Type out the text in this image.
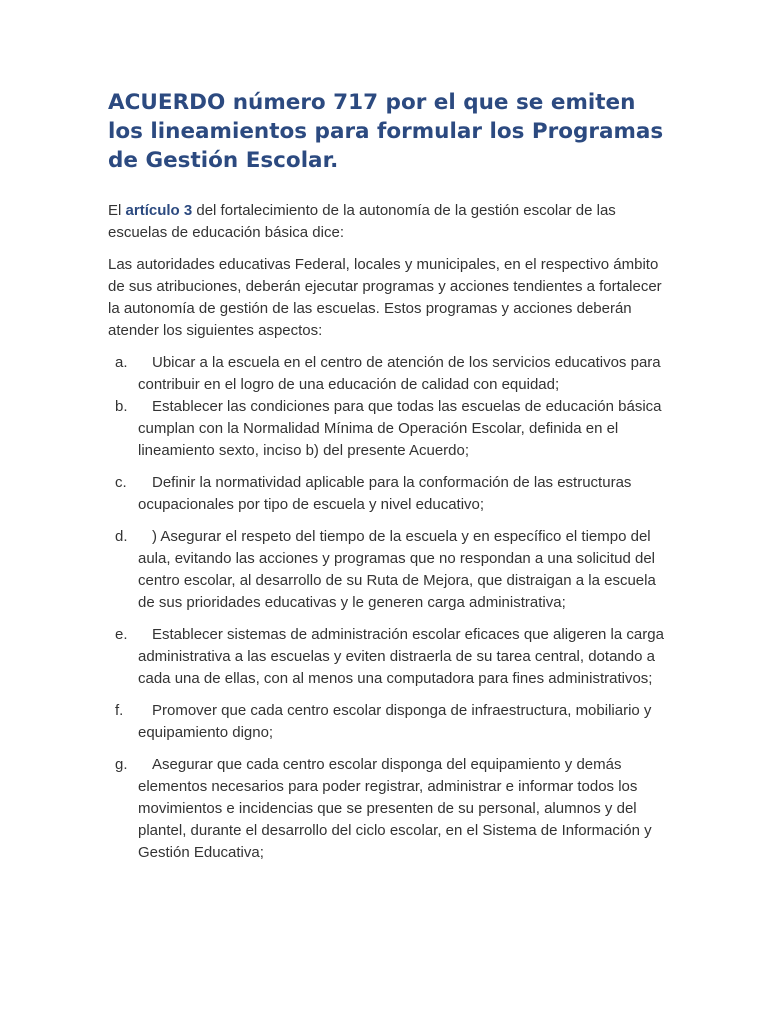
ACUERDO número 717 por el que se emiten los lineamientos para formular los Programas de Gestión Escolar.

El artículo 3 del fortalecimiento de la autonomía de la gestión escolar de las escuelas de educación básica dice:

Las autoridades educativas Federal, locales y municipales, en el respectivo ámbito de sus atribuciones, deberán ejecutar programas y acciones tendientes a fortalecer la autonomía de gestión de las escuelas. Estos programas y acciones deberán atender los siguientes aspectos:

a.	Ubicar a la escuela en el centro de atención de los servicios educativos para contribuir en el logro de una educación de calidad con equidad;
b.	Establecer las condiciones para que todas las escuelas de educación básica cumplan con la Normalidad Mínima de Operación Escolar, definida en el lineamiento sexto, inciso b) del presente Acuerdo;
c.	Definir la normatividad aplicable para la conformación de las estructuras ocupacionales por tipo de escuela y nivel educativo;
d.	) Asegurar el respeto del tiempo de la escuela y en específico el tiempo del aula, evitando las acciones y programas que no respondan a una solicitud del centro escolar, al desarrollo de su Ruta de Mejora, que distraigan a la escuela de sus prioridades educativas y le generen carga administrativa;
e.	Establecer sistemas de administración escolar eficaces que aligeren la carga administrativa a las escuelas y eviten distraerla de su tarea central, dotando a cada una de ellas, con al menos una computadora para fines administrativos;
f.	Promover que cada centro escolar disponga de infraestructura, mobiliario y equipamiento digno;
g.	Asegurar que cada centro escolar disponga del equipamiento y demás elementos necesarios para poder registrar, administrar e informar todos los movimientos e incidencias que se presenten de su personal, alumnos y del plantel, durante el desarrollo del ciclo escolar, en el Sistema de Información y Gestión Educativa;
